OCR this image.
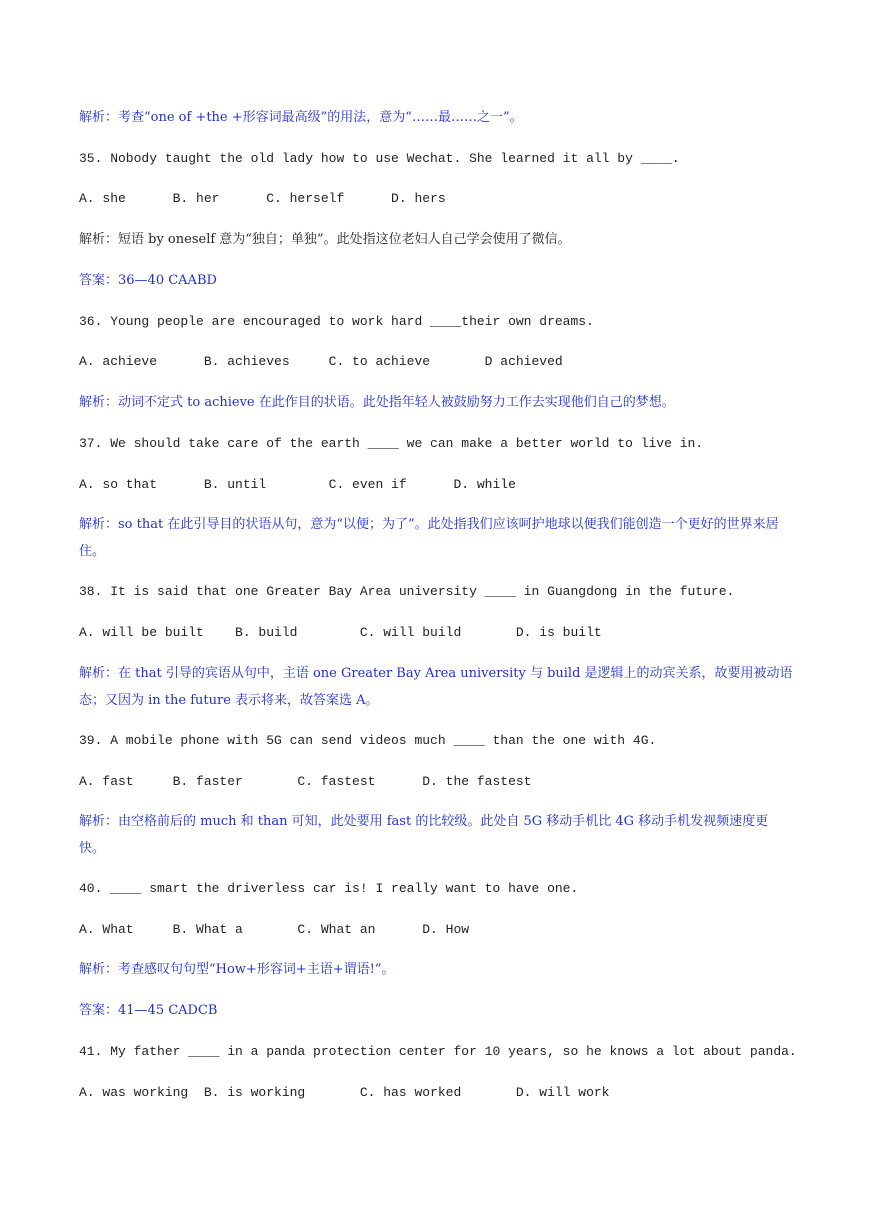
解析：考查“one of +the +形容词最高级”的用法，意为“……最……之一”。
35. Nobody taught the old lady how to use Wechat. She learned it all by ____.
A. she      B. her      C. herself      D. hers
解析：短语 by oneself 意为“独自；单独”。此处指这位老妇人自己学会使用了微信。
答案：36—40 CAABD
36. Young people are encouraged to work hard ____their own dreams.
A. achieve      B. achieves     C. to achieve       D achieved
解析：动词不定式 to achieve 在此作目的状语。此处指年轻人被鼓励努力工作去实现他们自己的梦想。
37. We should take care of the earth ____ we can make a better world to live in.
A. so that      B. until        C. even if      D. while
解析：so that 在此引导目的状语从句，意为“以便；为了”。此处指我们应该呵护地球以便我们能创造一个更好的世界来居住。
38. It is said that one Greater Bay Area university ____ in Guangdong in the future.
A. will be built    B. build        C. will build       D. is built
解析：在 that 引导的宾语从句中，主语 one Greater Bay Area university 与 build 是逻辑上的动宾关系，故要用被动语态；又因为 in the future 表示将来，故答案选 A。
39. A mobile phone with 5G can send videos much ____ than the one with 4G.
A. fast     B. faster       C. fastest      D. the fastest
解析：由空格前后的 much 和 than 可知，此处要用 fast 的比较级。此处自 5G 移动手机比 4G 移动手机发视频速度更快。
40. ____ smart the driverless car is! I really want to have one.
A. What     B. What a       C. What an      D. How
解析：考查感叹句句型“How+形容词+主语+谓语!”。
答案：41—45 CADCB
41. My father ____ in a panda protection center for 10 years, so he knows a lot about panda.
A. was working  B. is working       C. has worked       D. will work
